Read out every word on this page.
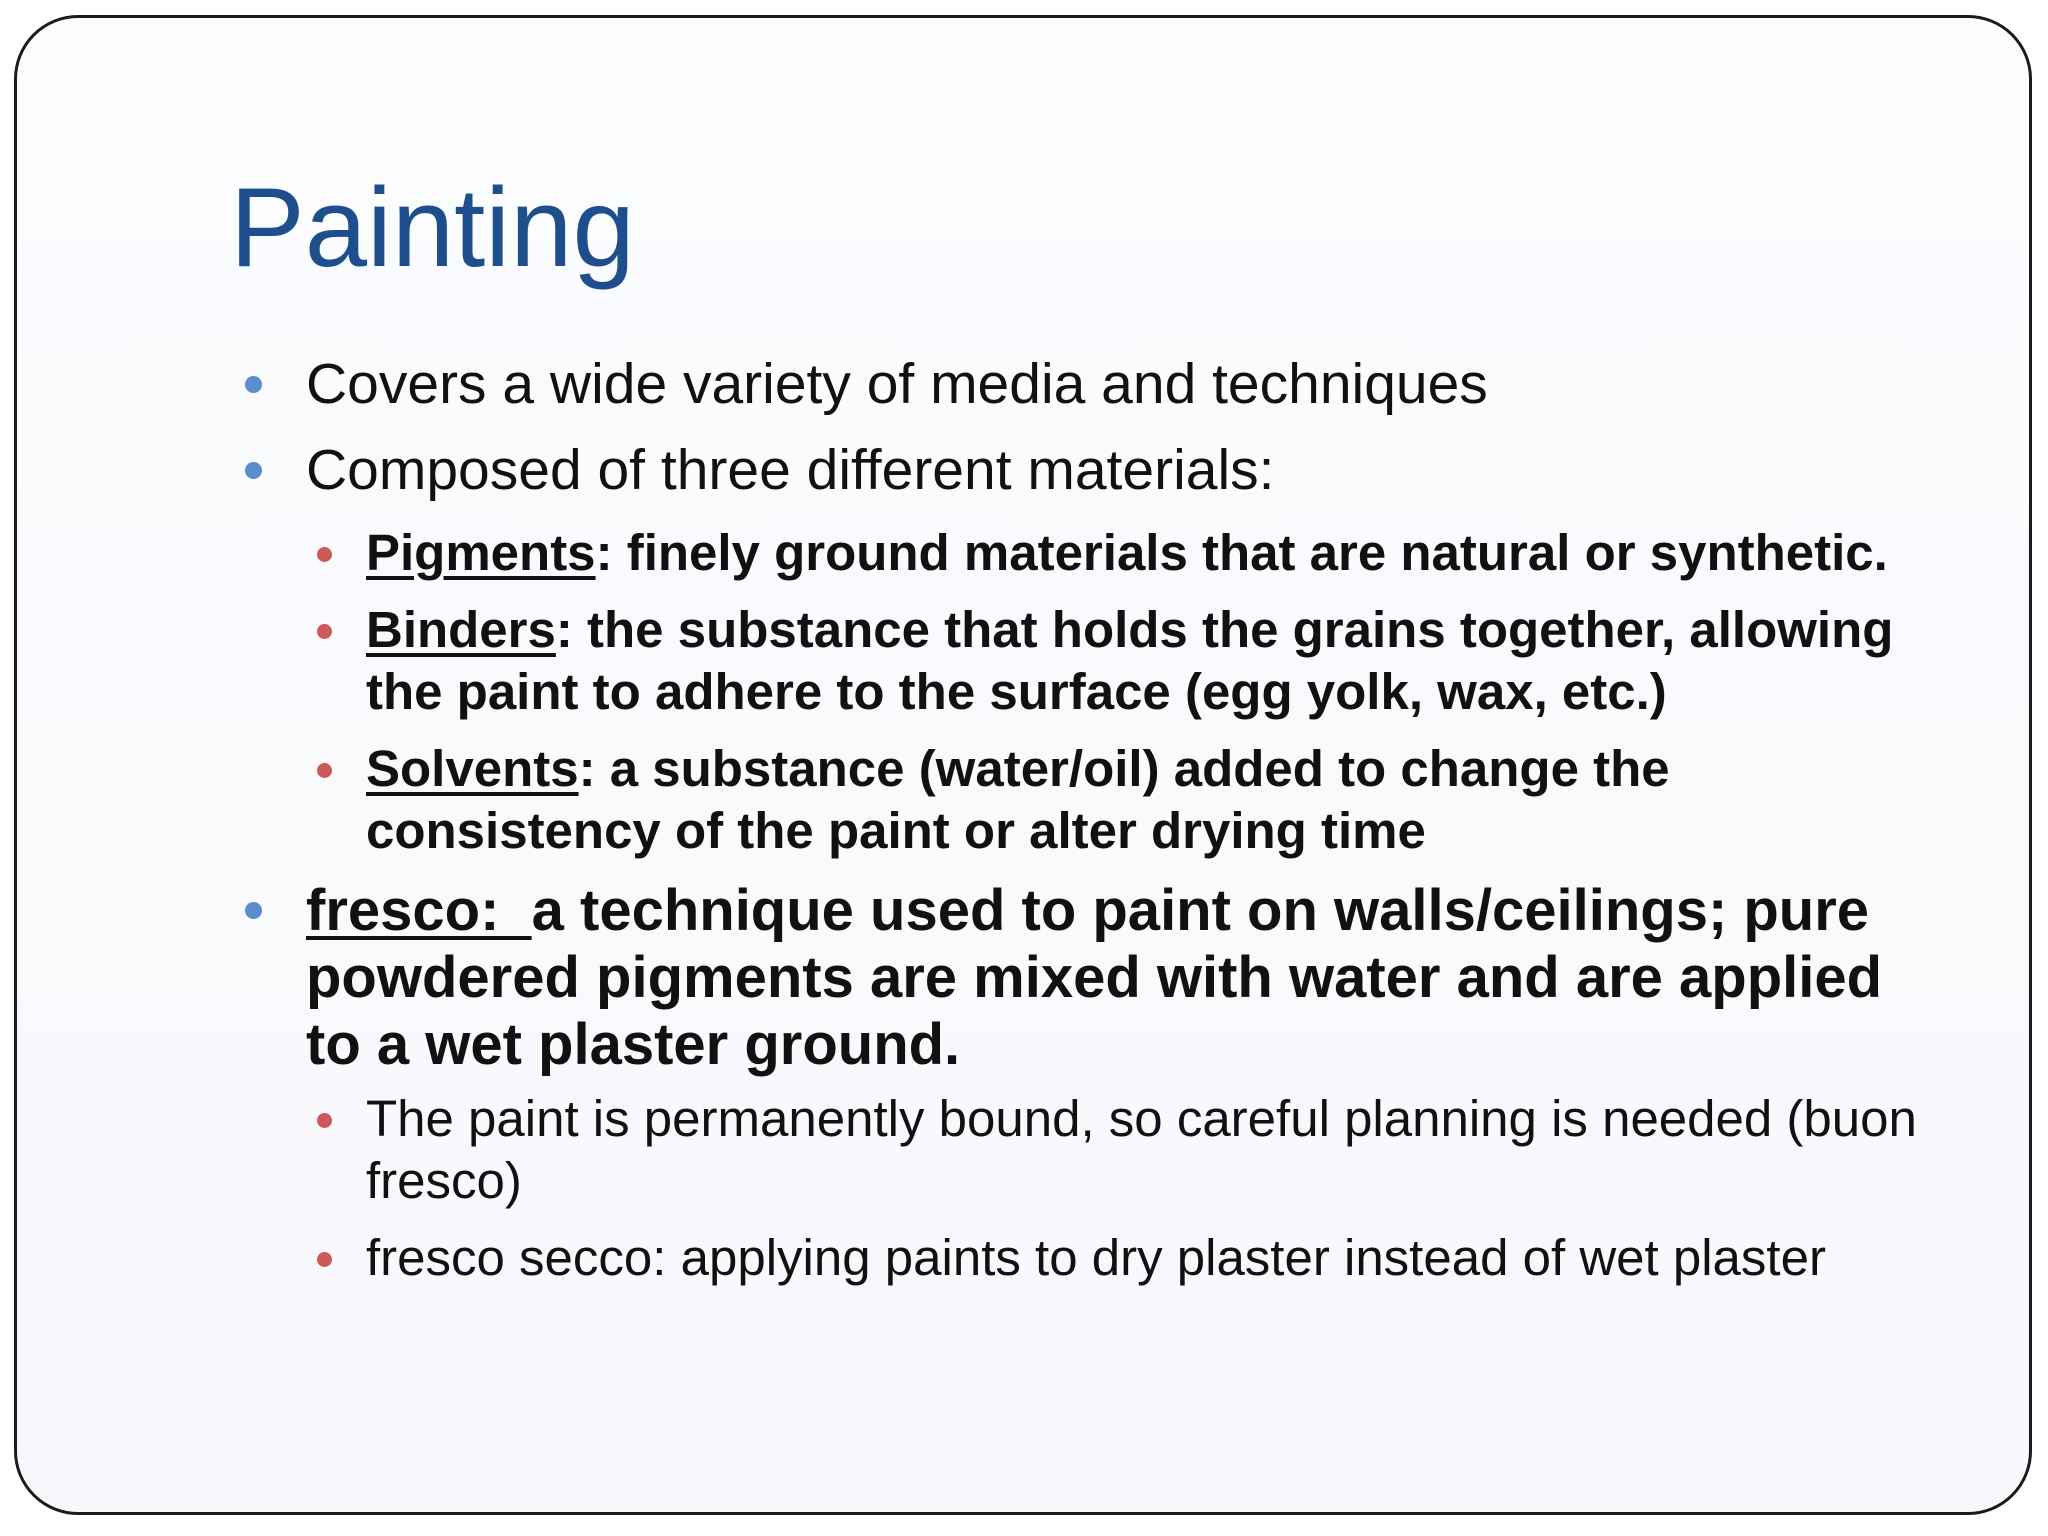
Painting
Covers a wide variety of media and techniques
Composed of three different materials:
Pigments: finely ground materials that are natural or synthetic.
Binders: the substance that holds the grains together, allowing the paint to adhere to the surface (egg yolk, wax, etc.)
Solvents: a substance (water/oil) added to change the consistency of the paint or alter drying time
fresco:  a technique used to paint on walls/ceilings; pure powdered pigments are mixed with water and are applied to a wet plaster ground.
The paint is permanently bound, so careful planning is needed (buon fresco)
fresco secco: applying paints to dry plaster instead of wet plaster
